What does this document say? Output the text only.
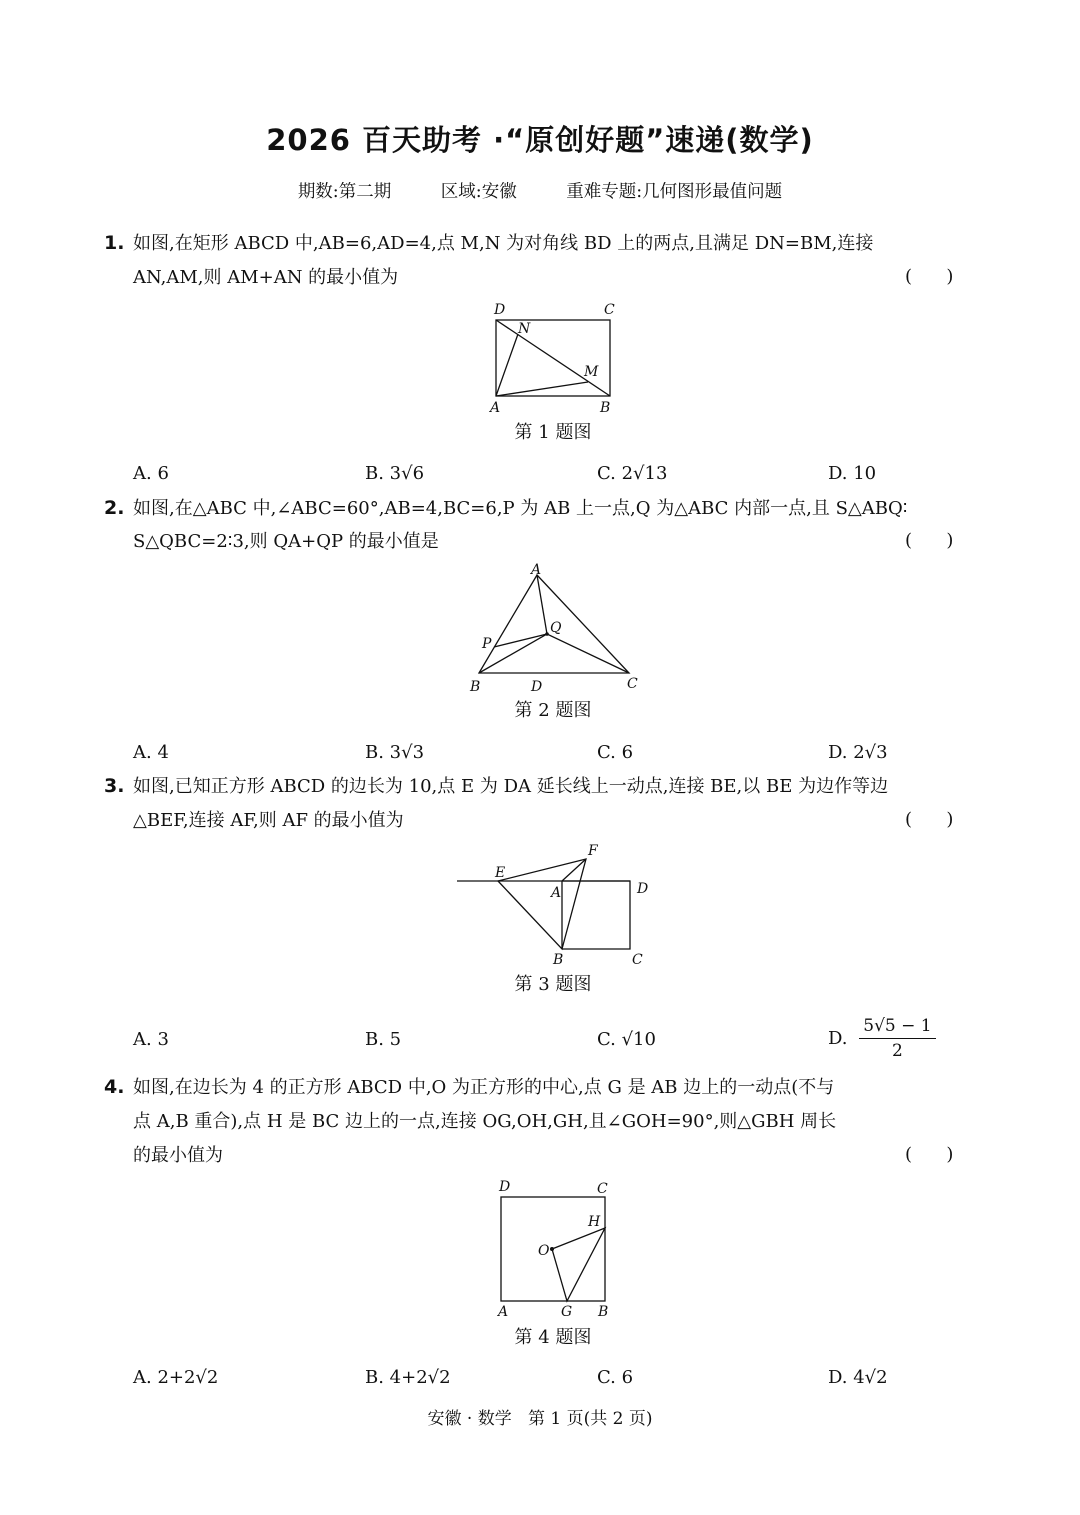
2026 百天助考 ·“原创好题”速递(数学)
期数:第二期	区域:安徽	重难专题:几何图形最值问题
1. 如图,在矩形 ABCD 中,AB=6,AD=4,点 M,N 为对角线 BD 上的两点,且满足 DN=BM,连接
AN,AM,则 AM+AN 的最小值为	(      )
D	C
N
M
A	B
第 1 题图
A. 6	B. 3√6	C. 2√13	D. 10
2. 如图,在△ABC 中,∠ABC=60°,AB=4,BC=6,P 为 AB 上一点,Q 为△ABC 内部一点,且 S△ABQ∶
S△QBC=2∶3,则 QA+QP 的最小值是	(      )
A
Q
P
B	D	C
第 2 题图
A. 4	B. 3√3	C. 6	D. 2√3
3. 如图,已知正方形 ABCD 的边长为 10,点 E 为 DA 延长线上一动点,连接 BE,以 BE 为边作等边
△BEF,连接 AF,则 AF 的最小值为	(      )
F
E
A	D
B	C
第 3 题图
A. 3	B. 5	C. √10	D. $\frac{5√5 - 1}{2}$
4. 如图,在边长为 4 的正方形 ABCD 中,O 为正方形的中心,点 G 是 AB 边上的一动点(不与
点 A,B 重合),点 H 是 BC 边上的一点,连接 OG,OH,GH,且∠GOH=90°,则△GBH 周长
的最小值为	(      )
D	C
H
O
A	G B
第 4 题图
A. 2+2√2	B. 4+2√2	C. 6	D. 4√2
安徽 · 数学   第 1 页(共 2 页)
